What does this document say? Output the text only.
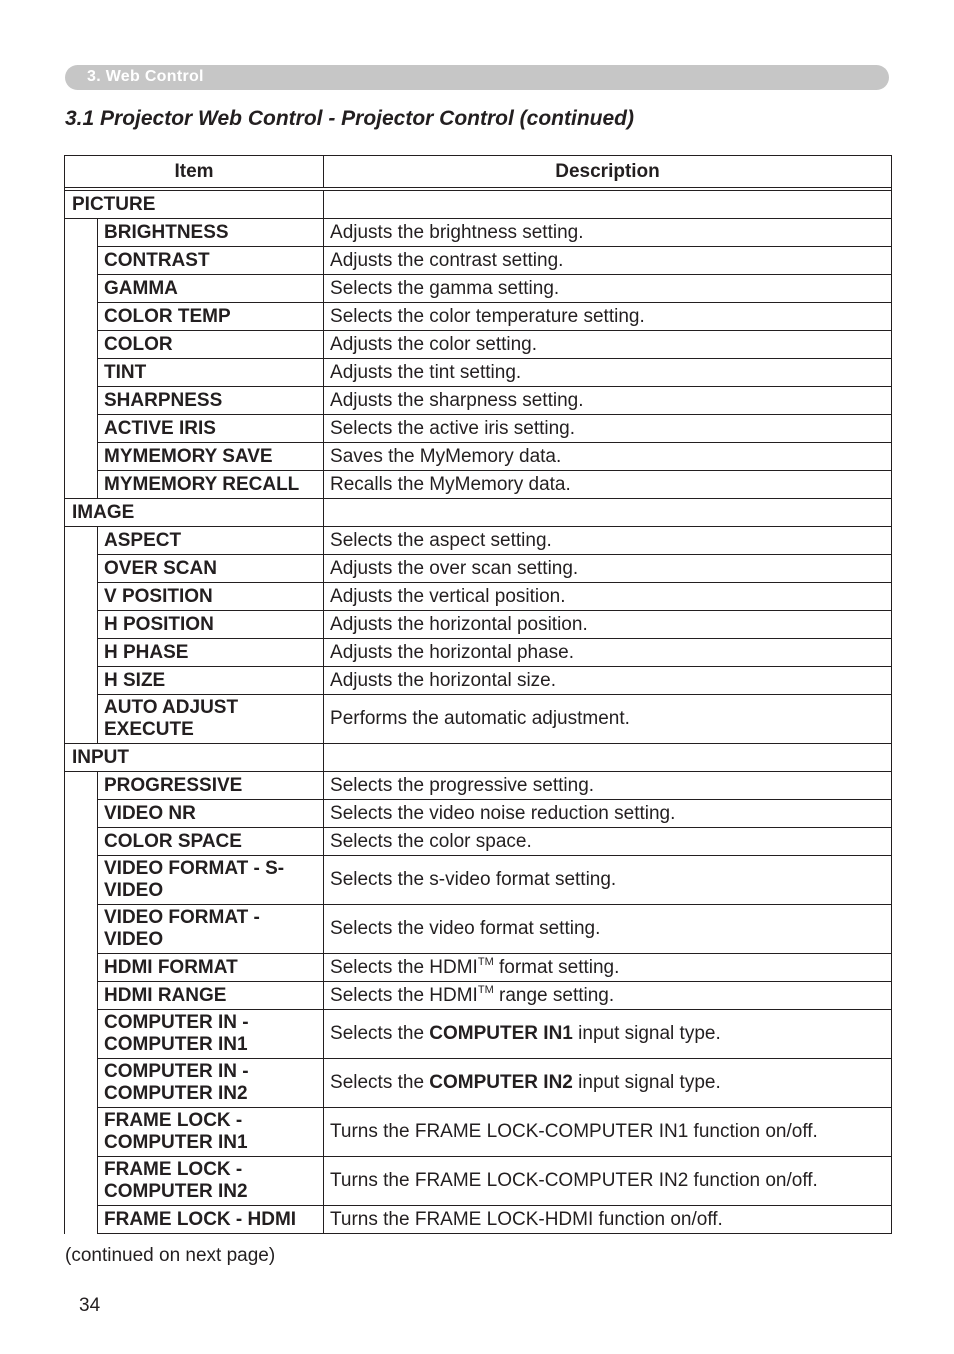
3. Web Control
3.1 Projector Web Control - Projector Control (continued)
Item		Description

PICTURE		
	BRIGHTNESS	Adjusts the brightness setting.
	CONTRAST	Adjusts the contrast setting.
	GAMMA	Selects the gamma setting.
	COLOR TEMP	Selects the color temperature setting.
	COLOR	Adjusts the color setting.
	TINT	Adjusts the tint setting.
	SHARPNESS	Adjusts the sharpness setting.
	ACTIVE IRIS	Selects the active iris setting.
	MYMEMORY SAVE	Saves the MyMemory data.
	MYMEMORY RECALL	Recalls the MyMemory data.
IMAGE		
	ASPECT	Selects the aspect setting.
	OVER SCAN	Adjusts the over scan setting.
	V POSITION	Adjusts the vertical position.
	H POSITION	Adjusts the horizontal position.
	H PHASE	Adjusts the horizontal phase.
	H SIZE	Adjusts the horizontal size.
	AUTO ADJUST EXECUTE	Performs the automatic adjustment.
INPUT		
	PROGRESSIVE	Selects the progressive setting.
	VIDEO NR	Selects the video noise reduction setting.
	COLOR SPACE	Selects the color space.
	VIDEO FORMAT - S-VIDEO	Selects the s-video format setting.
	VIDEO FORMAT - VIDEO	Selects the video format setting.
	HDMI FORMAT	Selects the HDMI™ format setting.
	HDMI RANGE	Selects the HDMI™ range setting.
	COMPUTER IN - COMPUTER IN1	Selects the COMPUTER IN1 input signal type.
	COMPUTER IN - COMPUTER IN2	Selects the COMPUTER IN2 input signal type.
	FRAME LOCK - COMPUTER IN1	Turns the FRAME LOCK-COMPUTER IN1 function on/off.
	FRAME LOCK - COMPUTER IN2	Turns the FRAME LOCK-COMPUTER IN2 function on/off.
	FRAME LOCK - HDMI	Turns the FRAME LOCK-HDMI function on/off.
(continued on next page)
34
